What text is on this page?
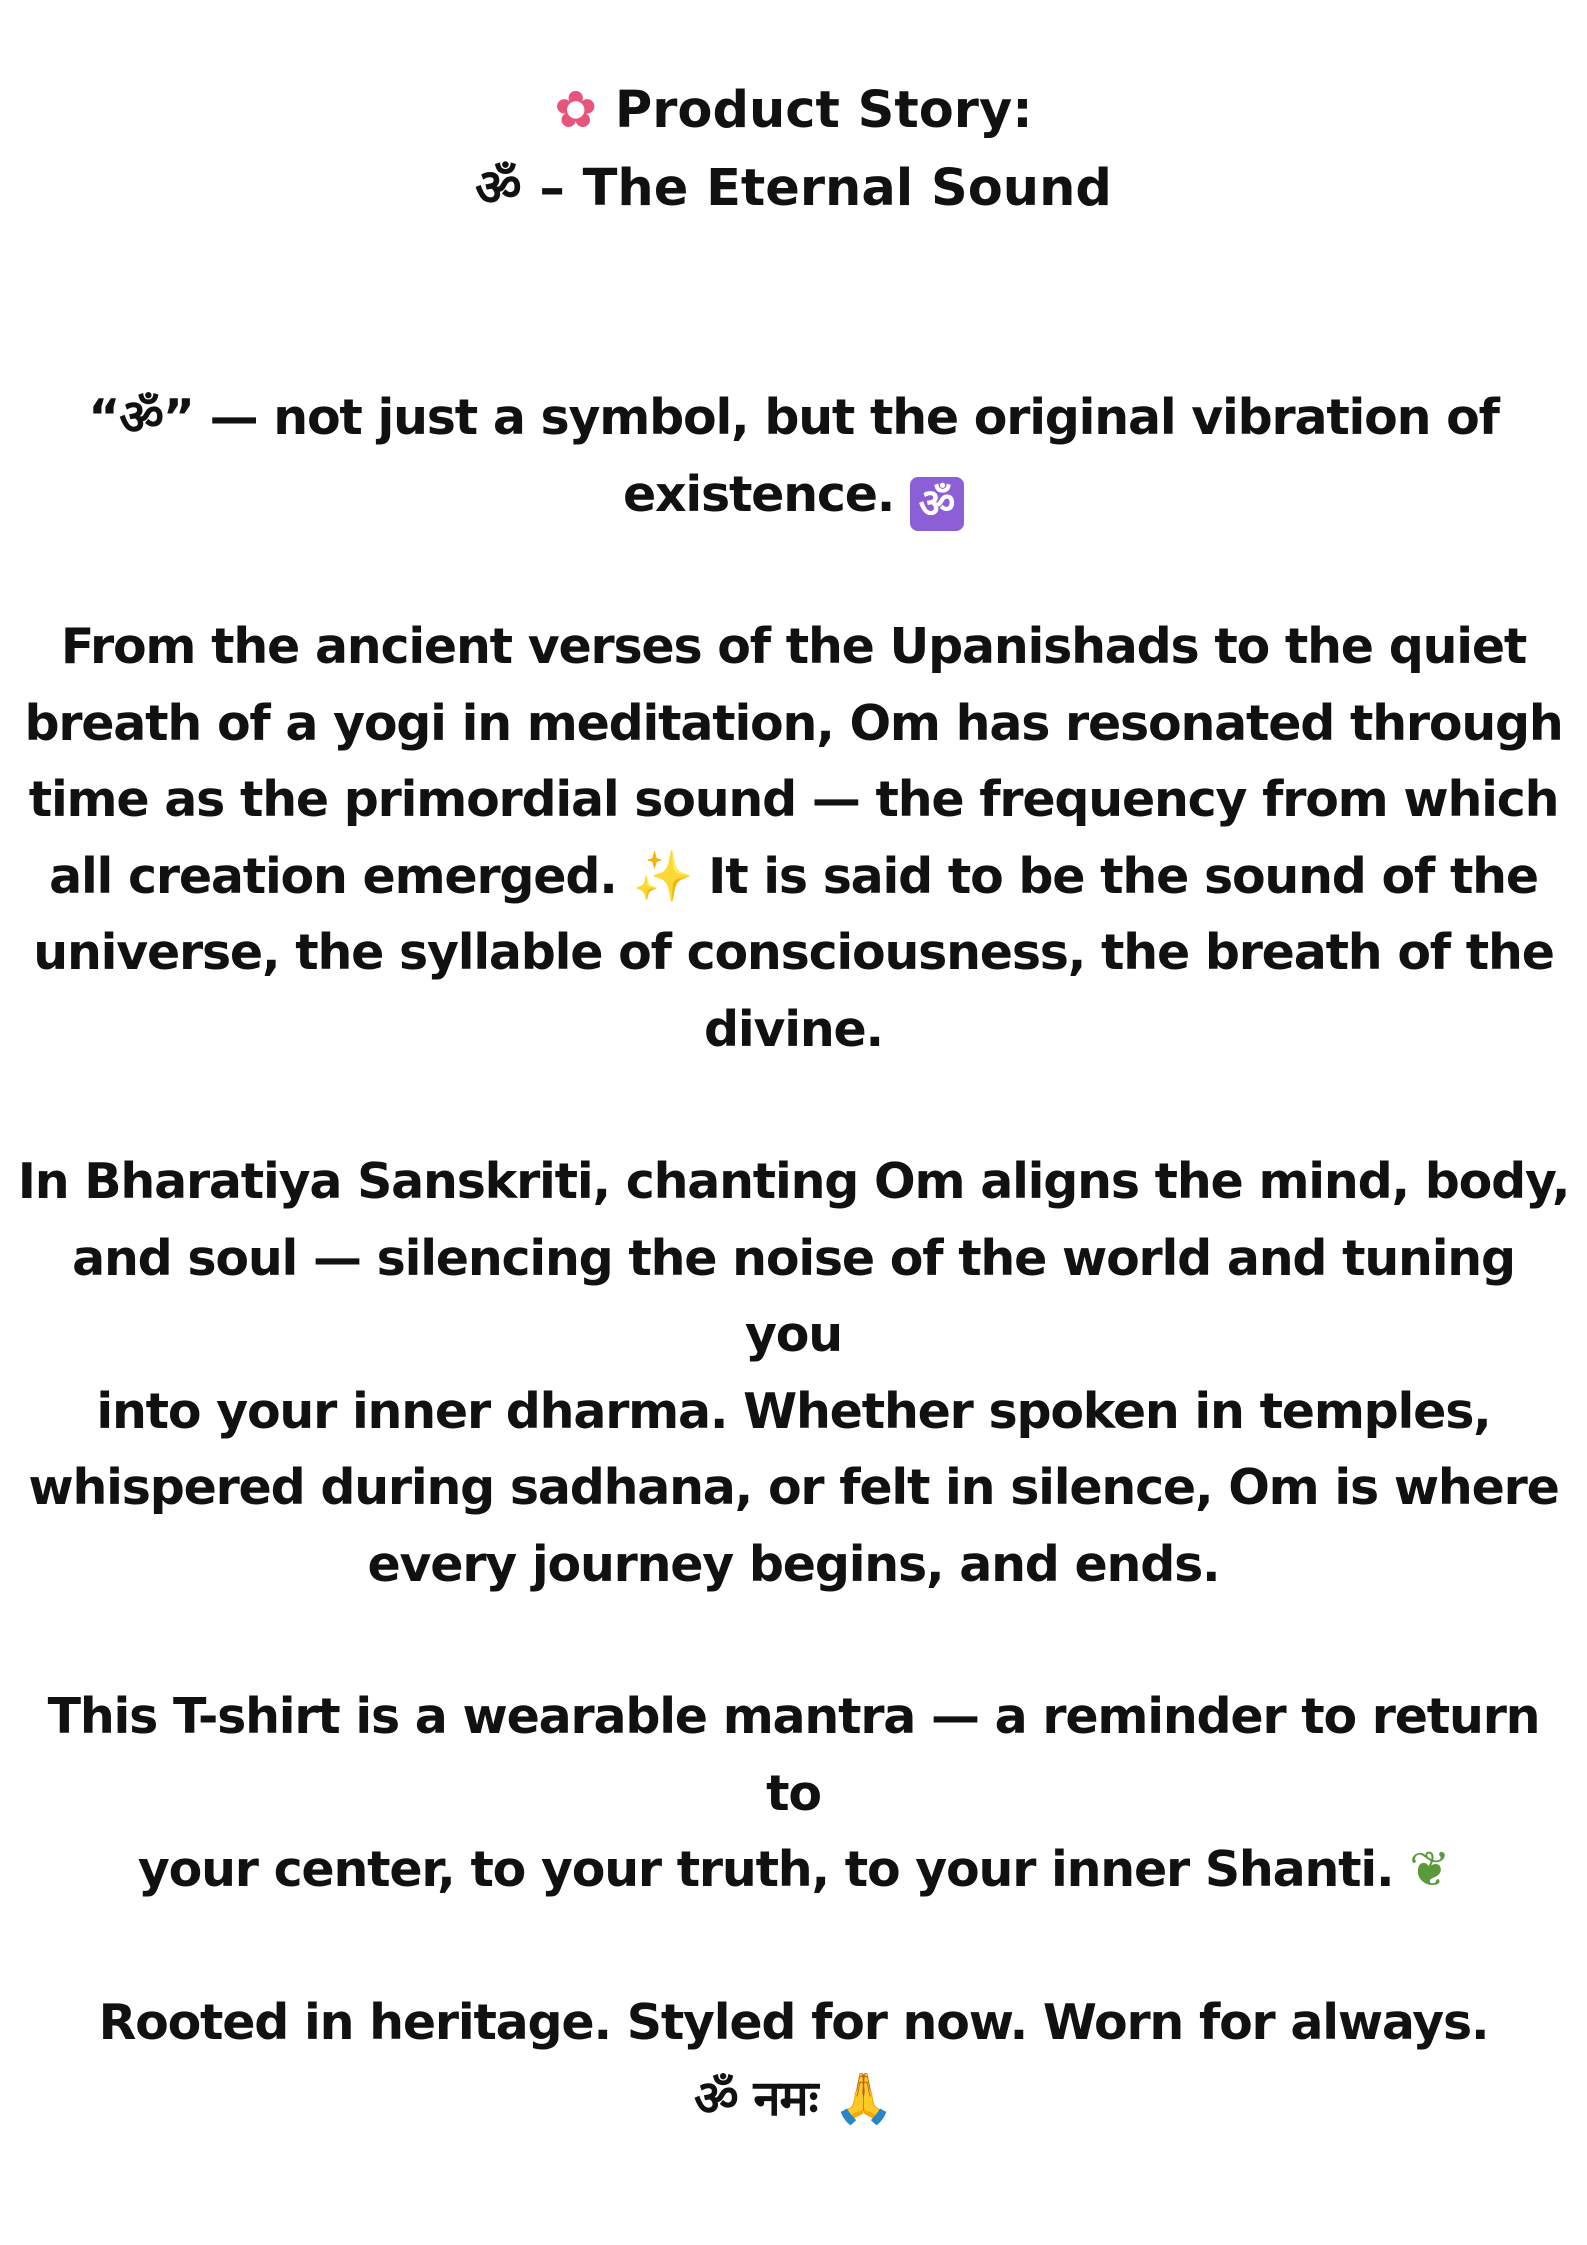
✿ Product Story:
ॐ – The Eternal Sound

“ॐ” — not just a symbol, but the original vibration of
existence. ॐ

From the ancient verses of the Upanishads to the quiet
breath of a yogi in meditation, Om has resonated through
time as the primordial sound — the frequency from which
all creation emerged. ✨ It is said to be the sound of the
universe, the syllable of consciousness, the breath of the
divine.

In Bharatiya Sanskriti, chanting Om aligns the mind, body,
and soul — silencing the noise of the world and tuning you
into your inner dharma. Whether spoken in temples,
whispered during sadhana, or felt in silence, Om is where
every journey begins, and ends.

This T-shirt is a wearable mantra — a reminder to return to
your center, to your truth, to your inner Shanti. ❦

Rooted in heritage. Styled for now. Worn for always.
ॐ नमः 🙏
